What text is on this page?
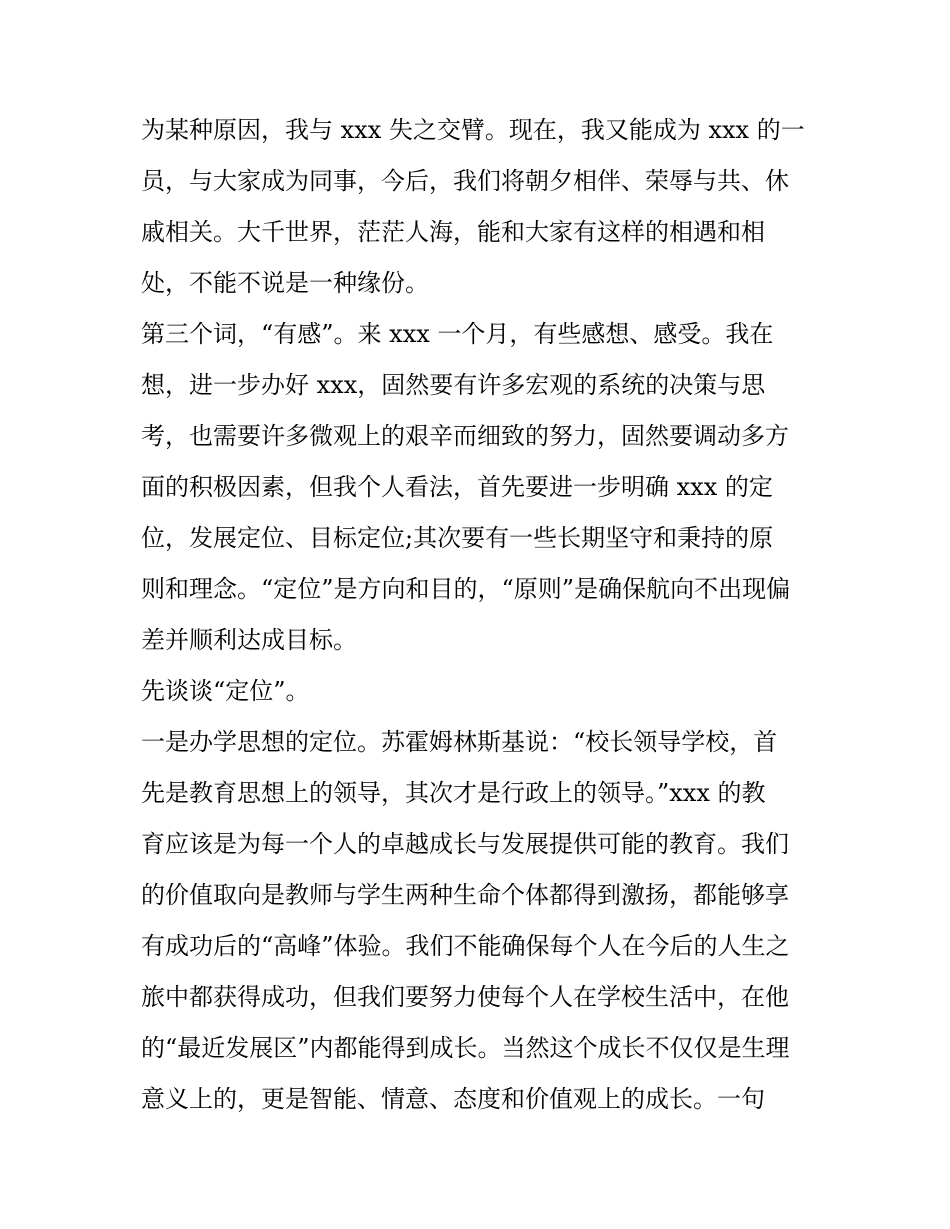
为某种原因，我与 xxx 失之交臂。现在，我又能成为 xxx 的一
员，与大家成为同事，今后，我们将朝夕相伴、荣辱与共、休
戚相关。大千世界，茫茫人海，能和大家有这样的相遇和相
处，不能不说是一种缘份。
第三个词，“有感”。来 xxx 一个月，有些感想、感受。我在
想，进一步办好 xxx，固然要有许多宏观的系统的决策与思
考，也需要许多微观上的艰辛而细致的努力，固然要调动多方
面的积极因素，但我个人看法，首先要进一步明确 xxx 的定
位，发展定位、目标定位;其次要有一些长期坚守和秉持的原
则和理念。“定位”是方向和目的，“原则”是确保航向不出现偏
差并顺利达成目标。
先谈谈“定位”。
一是办学思想的定位。苏霍姆林斯基说：“校长领导学校，首
先是教育思想上的领导，其次才是行政上的领导。”xxx 的教
育应该是为每一个人的卓越成长与发展提供可能的教育。我们
的价值取向是教师与学生两种生命个体都得到激扬，都能够享
有成功后的“高峰”体验。我们不能确保每个人在今后的人生之
旅中都获得成功，但我们要努力使每个人在学校生活中，在他
的“最近发展区”内都能得到成长。当然这个成长不仅仅是生理
意义上的，更是智能、情意、态度和价值观上的成长。一句
